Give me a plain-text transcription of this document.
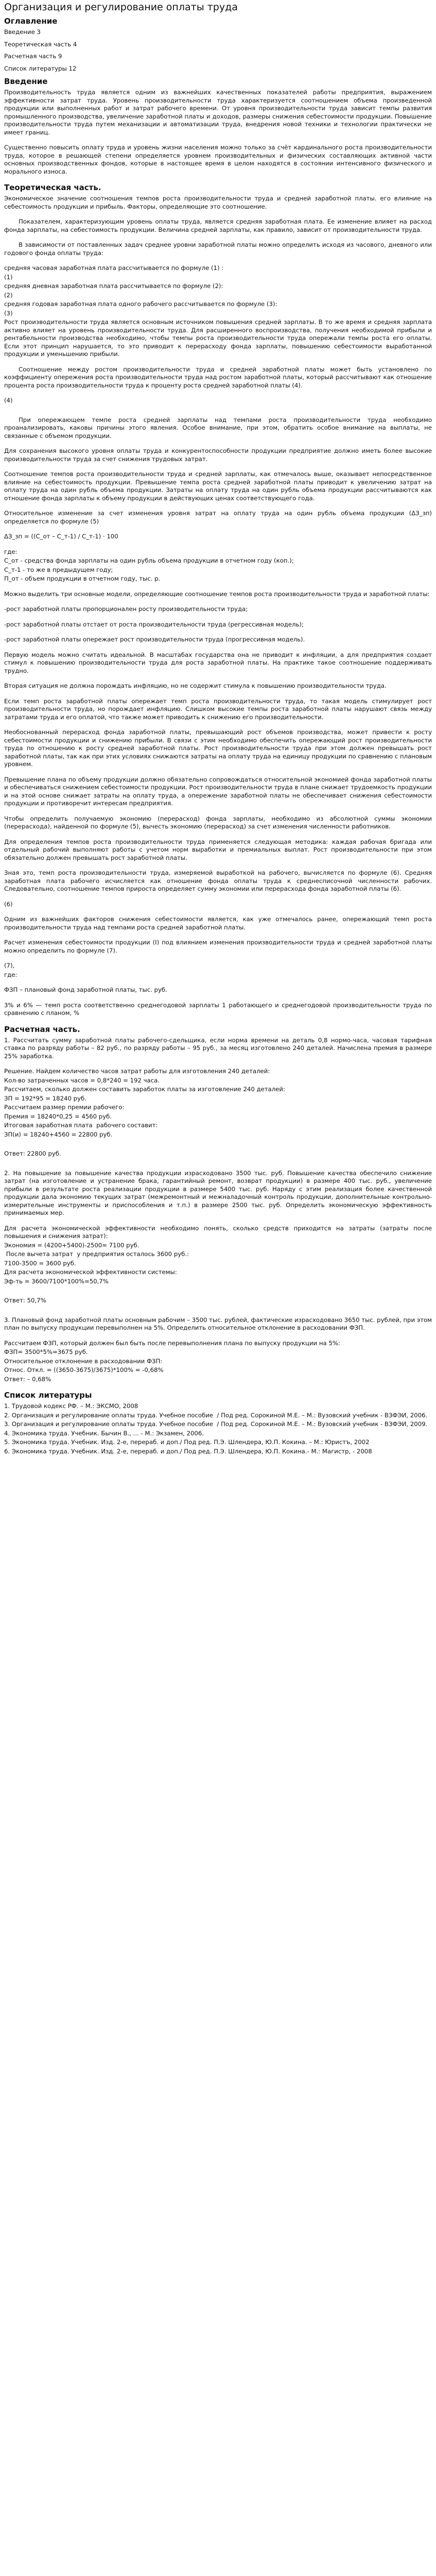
Организация и регулирование оплаты труда
Оглавление

Введение 3

Теоретическая часть 4

Расчетная часть 9

Список литературы 12

Введение

Производительность труда является одним из важнейших качественных показателей работы предприятия, выражением эффективности затрат труда. Уровень производительности труда характеризуется соотношением объема произведенной продукции или выполненных работ и затрат рабочего времени. От уровня производительности труда зависит темпы развития промышленного производства, увеличение заработной платы и доходов, размеры снижения себестоимости продукции. Повышение производительности труда путем механизации и автоматизации труда, внедрения новой техники и технологии практически не имеет границ.

Существенно повысить оплату труда и уровень жизни населения можно только за счёт кардинального роста производительности труда, которое в решающей степени определяется уровнем производительных и физических составляющих активной части основных производственных фондов, которые в настоящее время в целом находятся в состоянии интенсивного физического и морального износа.

Теоретическая часть.

Экономическое значение соотношения темпов роста производительности труда и средней заработной платы. его влияние на себестоимость продукции и прибыль. Факторы, определяющие это соотношение.

Показателем, характеризующим уровень оплаты труда, является средняя заработная плата. Ее изменение влияет на расход фонда зарплаты, на себестоимость продукции. Величина средней зарплаты, как правило, зависит от производительности труда.

В зависимости от поставленных задач среднее уровни заработной платы можно определить исходя из часового, дневного или годового фонда оплаты труда:

средняя часовая заработная плата рассчитывается по формуле (1) :

(1)

средняя дневная заработная плата рассчитывается по формуле (2):

(2)

средняя годовая заработная плата одного рабочего рассчитывается по формуле (3):

(3)

Рост производительности труда является основным источником повышения средней зарплаты. В то же время и средняя зарплата активно влияет на уровень производительности труда. Для расширенного воспроизводства, получения необходимой прибыли и рентабельности производства необходимо, чтобы темпы роста производительности труда опережали темпы роста его оплаты. Если этот принцип нарушается, то это приводит к перерасходу фонда зарплаты, повышению себестоимости выработанной продукции и уменьшению прибыли.

Соотношение между ростом производительности труда и средней заработной платы может быть установлено по коэффициенту опережения роста производительности труда над ростом заработной платы, который рассчитывают как отношение процента роста производительности труда к проценту роста средней заработной платы (4).

(4)

При опережающем темпе роста средней зарплаты над темпами роста производительности труда необходимо проанализировать, каковы причины этого явления. Особое внимание, при этом, обратить особое внимание на выплаты, не связанные с объемом продукции.

Для сохранения высокого уровня оплаты труда и конкурентоспособности продукции предприятие должно иметь более высокие производительности труда за счет снижения трудовых затрат.

Соотношение темпов роста производительности труда и средней зарплаты, как отмечалось выше, оказывает непосредственное влияние на себестоимость продукции. Превышение темпа роста средней заработной платы приводит к увеличению затрат на оплату труда на один рубль объема продукции. Затраты на оплату труда на один рубль объема продукции рассчитываются как отношение фонда зарплаты к объему продукции в действующих ценах соответствующего года.

Относительное изменение за счет изменения уровня затрат на оплату труда на один рубль объема продукции (ΔЗ_зп) определяется по формуле (5)

ΔЗ_зп = ((С_от – С_т-1) / С_т-1) · 100

где:

С_от - средства фонда зарплаты на один рубль объема продукции в отчетном году (коп.);

С_т-1 - то же в предыдущем году;

П_от - объем продукции в отчетном году, тыс. р.

Можно выделить три основные модели, определяющие соотношение темпов роста производительности труда и заработной платы:

-рост заработной платы пропорционален росту производительности труда;

-рост заработной платы отстает от роста производительности труда (регрессивная модель);

-рост заработной платы опережает рост производительности труда (прогрессивная модель).

Первую модель можно считать идеальной. В масштабах государства она не приводит к инфляции, а для предприятия создает стимул к повышению производительности труда для роста заработной платы. На практике такое соотношение поддерживать трудно.

Вторая ситуация не должна порождать инфляцию, но не содержит стимула к повышению производительности труда.

Если темп роста заработной платы опережает темп роста производительности труда, то такая модель стимулирует рост производительности труда, но порождает инфляцию. Слишком высокие темпы роста заработной платы нарушают связь между затратами труда и его оплатой, что также может приводить к снижению его производительности.

Необоснованный перерасход фонда заработной платы, превышающий рост объемов производства, может привести к росту себестоимости продукции и снижению прибыли. В связи с этим необходимо обеспечить опережающий рост производительности труда по отношению к росту средней заработной платы. Рост производительности труда при этом должен превышать рост заработной платы, так как при этих условиях снижаются затраты на оплату труда на единицу продукции по сравнению с плановым уровнем.

Превышение плана по объему продукции должно обязательно сопровождаться относительной экономией фонда заработной платы и обеспечиваться снижением себестоимости продукции. Рост производительности труда в плане снижает трудоемкость продукции и на этой основе снижает затраты на оплату труда, а опережение заработной платы не обеспечивает снижения себестоимости продукции и противоречит интересам предприятия.

Чтобы определить получаемую экономию (перерасход) фонда зарплаты, необходимо из абсолютной суммы экономии (перерасхода), найденной по формуле (5), вычесть экономию (перерасход) за счет изменения численности работников.

Для определения темпов роста производительности труда применяется следующая методика: каждая рабочая бригада или отдельный рабочий выполняют работы с учетом норм выработки и премиальных выплат. Рост производительности при этом обязательно должен превышать рост заработной платы.

Зная это, темп роста производительности труда, измеряемой выработкой на рабочего, вычисляется по формуле (6). Средняя заработная плата рабочего исчисляется как отношение фонда оплаты труда к среднесписочной численности рабочих. Следовательно, соотношение темпов прироста определяет сумму экономии или перерасхода фонда заработной платы (6).

(6)

Одним из важнейших факторов снижения себестоимости является, как уже отмечалось ранее, опережающий темп роста производительности труда над темпами роста средней заработной платы.

Расчет изменения себестоимости продукции (I) под влиянием изменения производительности труда и средней заработной платы можно определить по формуле (7).

(7),

где:

ФЗП – плановый фонд заработной платы, тыс. руб.

3% и 6% — темп роста соответственно среднегодовой зарплаты 1 работающего и среднегодовой производительности труда по сравнению с планом, %

Расчетная часть.

1. Рассчитать сумму заработной платы рабочего-сдельщика, если норма времени на деталь 0,8 нормо-часа, часовая тарифная ставка по разряду работы – 82 руб., по разряду работы – 95 руб., за месяц изготовлено 240 деталей. Начислена премия в размере 25% заработка.

Решение. Найдем количество часов затрат работы для изготовления 240 деталей:

Кол-во затраченных часов = 0,8*240 = 192 часа.

Рассчитаем, сколько должен составить заработок платы за изготовление 240 деталей:

ЗП = 192*95 = 18240 руб.

Рассчитаем размер премии рабочего:

Премия = 18240*0,25 = 4560 руб.

Итоговая заработная плата  рабочего составит:

ЗП(и) = 18240+4560 = 22800 руб.

Ответ: 22800 руб.

2. На повышение за повышение качества продукции израсходовано 3500 тыс. руб. Повышение качества обеспечило снижение затрат (на изготовление и устранение брака, гарантийный ремонт, возврат продукции) в размере 400 тыс. руб., увеличение прибыли в результате роста реализации продукции в размере 5400 тыс. руб. Наряду с этим реализация более качественной продукции дала экономию текущих затрат (межремонтный и межналадочный контроль продукции, дополнительные контрольно-измерительные инструменты и приспособления и т.п.) в размере 2500 тыс. руб. Определить экономическую эффективность принимаемых мер.

Для расчета экономической эффективности необходимо понять, сколько средств приходится на затраты (затраты после повышения и снижения затрат):

Экономия = (4200+5400)-2500= 7100 руб.

После вычета затрат  у предприятия осталось 3600 руб.:

7100-3500 = 3600 руб.

Для расчета экономической эффективности системы:

Эф-ть = 3600/7100*100%=50,7%

Ответ: 50,7%

3. Плановый фонд заработной платы основным рабочим – 3500 тыс. рублей, фактические израсходовано 3650 тыс. рублей, при этом план по выпуску продукции перевыполнен на 5%. Определить относительное отклонение в расходовании ФЗП.

Рассчитаем ФЗП, который должен был быть после перевыполнения плана по выпуску продукции на 5%:

ФЗП= 3500*5%=3675 руб.

Относительное отклонение в расходовании ФЗП:

Относ. Откл. = ((3650-3675)/3675)*100% = -0,68%

Ответ: – 0,68%

Список литературы

1. Трудовой кодекс РФ. – М.: ЭКСМО, 2008

2. Организация и регулирование оплаты труда. Учебное пособие  / Под ред. Сорокиной М.Е. – М.: Вузовский учебник - ВЗФЭИ, 2006.

3. Организация и регулирование оплаты труда. Учебное пособие  / Под ред. Сорокиной М.Е. – М.: Вузовский учебник - ВЗФЭИ, 2009.

4. Экономика труда. Учебник. Бычин В., ... - М.: Экзамен, 2006.

5. Экономика труда. Учебник. Изд. 2-е, перераб. и доп./ Под ред. П.Э. Шлендера, Ю.П. Кокина. – М.: Юристъ, 2002

6. Экономика труда. Учебник. Изд. 2-е, перераб. и доп./ Под ред. П.Э. Шлендера, Ю.П. Кокина.- М.: Магистр, - 2008
